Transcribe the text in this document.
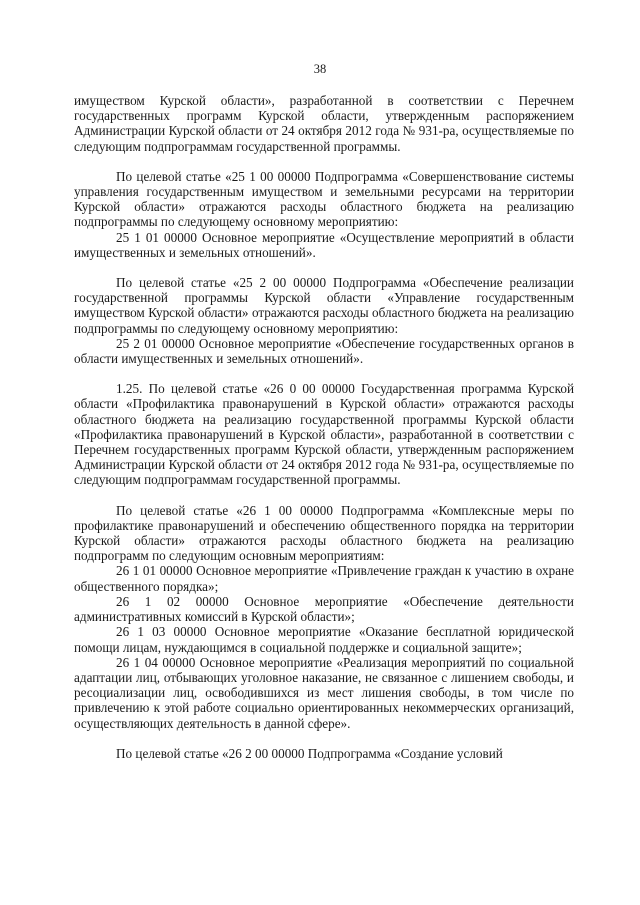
38

имуществом Курской области», разработанной в соответствии с Перечнем государственных программ Курской области, утвержденным распоряжением Администрации Курской области от 24 октября 2012 года № 931-ра, осуществляемые по следующим подпрограммам государственной программы.

По целевой статье «25 1 00 00000 Подпрограмма «Совершенствование системы управления государственным имуществом и земельными ресурсами на территории Курской области» отражаются расходы областного бюджета на реализацию подпрограммы по следующему основному мероприятию:

25 1 01 00000 Основное мероприятие «Осуществление мероприятий в области имущественных и земельных отношений».

По целевой статье «25 2 00 00000 Подпрограмма «Обеспечение реализации государственной программы Курской области «Управление государственным имуществом Курской области» отражаются расходы областного бюджета на реализацию подпрограммы по следующему основному мероприятию:

25 2 01 00000 Основное мероприятие «Обеспечение государственных органов в области имущественных и земельных отношений».

1.25. По целевой статье «26 0 00 00000 Государственная программа Курской области «Профилактика правонарушений в Курской области» отражаются расходы областного бюджета на реализацию государственной программы Курской области «Профилактика правонарушений в Курской области», разработанной в соответствии с Перечнем государственных программ Курской области, утвержденным распоряжением Администрации Курской области от 24 октября 2012 года № 931-ра, осуществляемые по следующим подпрограммам государственной программы.

По целевой статье «26 1 00 00000 Подпрограмма «Комплексные меры по профилактике правонарушений и обеспечению общественного порядка на территории Курской области» отражаются расходы областного бюджета на реализацию подпрограмм по следующим основным мероприятиям:

26 1 01 00000 Основное мероприятие «Привлечение граждан к участию в охране общественного порядка»;

26 1 02 00000 Основное мероприятие «Обеспечение деятельности административных комиссий в Курской области»;

26 1 03 00000 Основное мероприятие «Оказание бесплатной юридической помощи лицам, нуждающимся в социальной поддержке и социальной защите»;

26 1 04 00000 Основное мероприятие «Реализация мероприятий по социальной адаптации лиц, отбывающих уголовное наказание, не связанное с лишением свободы, и ресоциализации лиц, освободившихся из мест лишения свободы, в том числе по привлечению к этой работе социально ориентированных некоммерческих организаций, осуществляющих деятельность в данной сфере».

По целевой статье «26 2 00 00000 Подпрограмма «Создание условий
